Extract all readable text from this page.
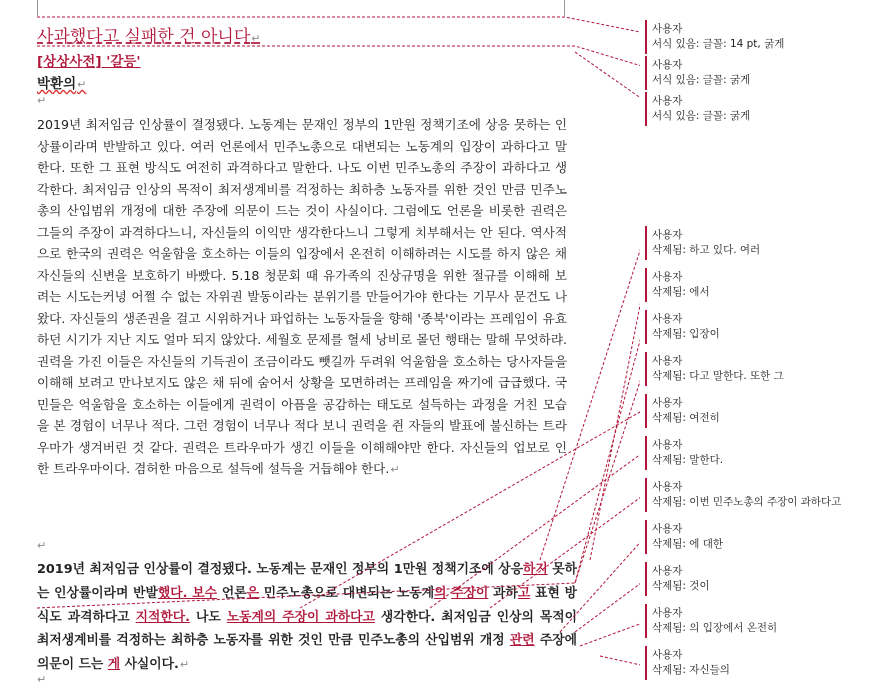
사과했다고 실패한 건 아니다↵
[상상사전] '갈등'
박환의↵
↵
2019년 최저임금 인상률이 결정됐다. 노동계는 문재인 정부의 1만원 정책기조에 상응 못하는 인상률이라며 반발하고 있다. 여러 언론에서 민주노총으로 대변되는 노동계의 입장이 과하다고 말한다. 또한 그 표현 방식도 여전히 과격하다고 말한다. 나도 이번 민주노총의 주장이 과하다고 생각한다. 최저임금 인상의 목적이 최저생계비를 걱정하는 최하층 노동자를 위한 것인 만큼 민주노총의 산입범위 개정에 대한 주장에 의문이 드는 것이 사실이다. 그럼에도 언론을 비롯한 권력은 그들의 주장이 과격하다느니, 자신들의 이익만 생각한다느니 그렇게 치부해서는 안 된다. 역사적으로 한국의 권력은 억울함을 호소하는 이들의 입장에서 온전히 이해하려는 시도를 하지 않은 채 자신들의 신변을 보호하기 바빴다. 5.18 청문회 때 유가족의 진상규명을 위한 절규를 이해해 보려는 시도는커녕 어쩔 수 없는 자위권 발동이라는 분위기를 만들어가야 한다는 기무사 문건도 나왔다. 자신들의 생존권을 걸고 시위하거나 파업하는 노동자들을 향해 '종북'이라는 프레임이 유효하던 시기가 지난 지도 얼마 되지 않았다. 세월호 문제를 혈세 낭비로 몰던 행태는 말해 무엇하랴. 권력을 가진 이들은 자신들의 기득권이 조금이라도 뺏길까 두려워 억울함을 호소하는 당사자들을 이해해 보려고 만나보지도 않은 채 뒤에 숨어서 상황을 모면하려는 프레임을 짜기에 급급했다. 국민들은 억울함을 호소하는 이들에게 권력이 아픔을 공감하는 태도로 설득하는 과정을 거친 모습을 본 경험이 너무나 적다. 그런 경험이 너무나 적다 보니 권력을 쥔 자들의 발표에 불신하는 트라우마가 생겨버린 것 같다. 권력은 트라우마가 생긴 이들을 이해해야만 한다. 자신들의 업보로 인한 트라우마이다. 겸허한 마음으로 설득에 설득을 거듭해야 한다.↵
↵
2019년 최저임금 인상률이 결정됐다. 노동계는 문재인 정부의 1만원 정책기조에 상응하지 못하는 인상률이라며 반발했다. 보수 언론은 민주노총으로 대변되는 노동계의 주장이 과하고 표현 방식도 과격하다고 지적한다. 나도 노동계의 주장이 과하다고 생각한다. 최저임금 인상의 목적이 최저생계비를 걱정하는 최하층 노동자를 위한 것인 만큼 민주노총의 산입범위 개정 관련 주장에 의문이 드는 게 사실이다.↵
↵
사용자
서식 있음: 글꼴: 14 pt, 굵게
사용자
서식 있음: 글꼴: 굵게
사용자
서식 있음: 글꼴: 굵게
사용자
삭제됨: 하고 있다. 여러
사용자
삭제됨: 에서
사용자
삭제됨: 입장이
사용자
삭제됨: 다고 말한다. 또한 그
사용자
삭제됨: 여전히
사용자
삭제됨: 말한다.
사용자
삭제됨: 이번 민주노총의 주장이 과하다고
사용자
삭제됨: 에 대한
사용자
삭제됨: 것이
사용자
삭제됨: 의 입장에서 온전히
사용자
삭제됨: 자신들의
